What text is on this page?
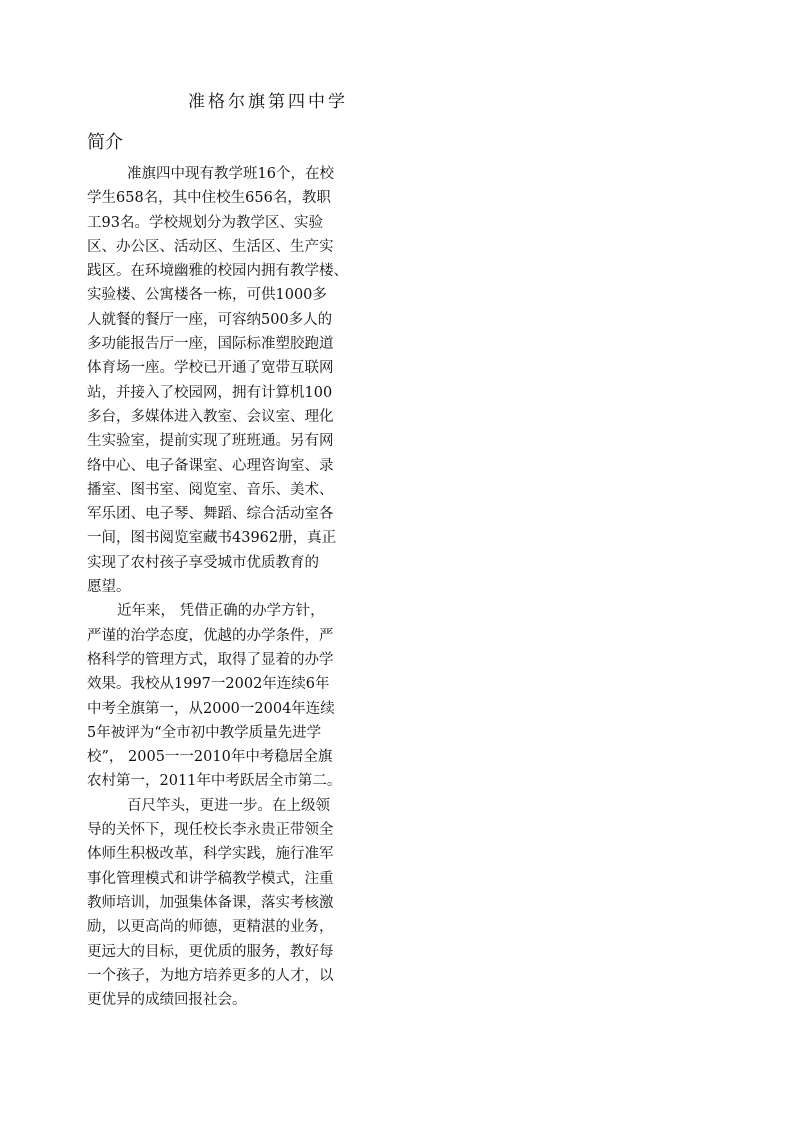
准格尔旗第四中学
简介
准旗四中现有教学班16个，在校
学生658名，其中住校生656名，教职
工93名。学校规划分为教学区、实验
区、办公区、活动区、生活区、生产实
践区。在环境幽雅的校园内拥有教学楼、
实验楼、公寓楼各一栋，可供1000多
人就餐的餐厅一座，可容纳500多人的
多功能报告厅一座，国际标准塑胶跑道
体育场一座。学校已开通了宽带互联网
站，并接入了校园网，拥有计算机100
多台，多媒体进入教室、会议室、理化
生实验室，提前实现了班班通。另有网
络中心、电子备课室、心理咨询室、录
播室、图书室、阅览室、音乐、美术、
军乐团、电子琴、舞蹈、综合活动室各
一间，图书阅览室藏书43962册，真正
实现了农村孩子享受城市优质教育的
愿望。
近年来， 凭借正确的办学方针，
严谨的治学态度，优越的办学条件，严
格科学的管理方式，取得了显着的办学
效果。我校从1997一2002年连续6年
中考全旗第一，从2000一2004年连续
5年被评为“全市初中教学质量先进学
校”， 2005一一2010年中考稳居全旗
农村第一，2011年中考跃居全市第二。
百尺竿头，更进一步。在上级领
导的关怀下，现任校长李永贵正带领全
体师生积极改革，科学实践，施行准军
事化管理模式和讲学稿教学模式，注重
教师培训，加强集体备课，落实考核激
励，以更高尚的师德，更精湛的业务，
更远大的目标，更优质的服务，教好每
一个孩子，为地方培养更多的人才，以
更优异的成绩回报社会。
